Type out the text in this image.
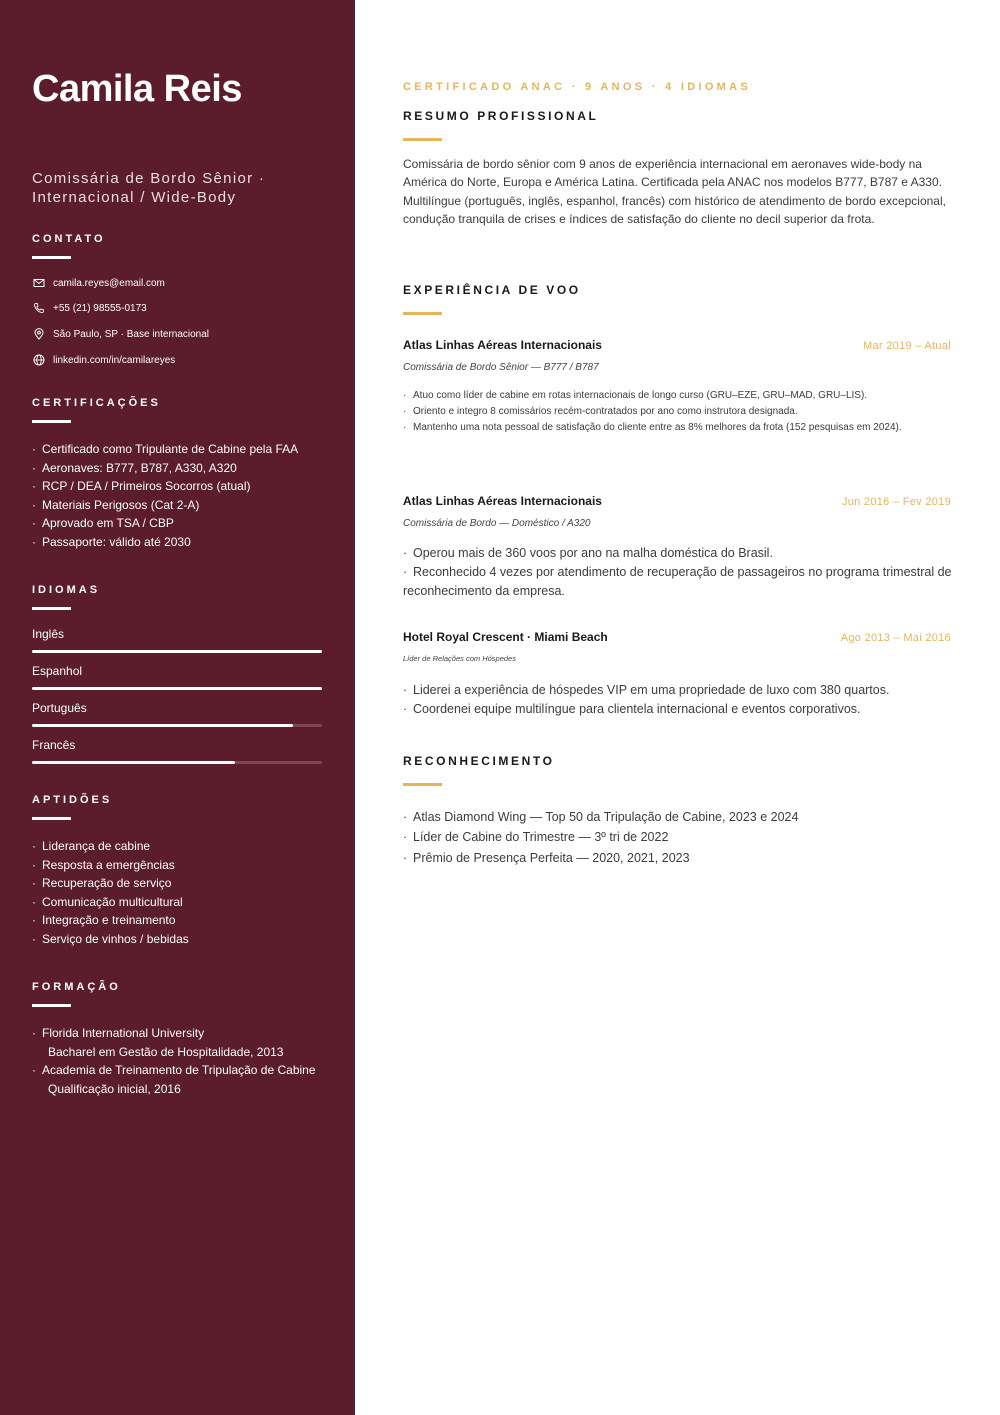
Camila Reis
Comissária de Bordo Sênior · Internacional / Wide-Body
CONTATO
camila.reyes@email.com
+55 (21) 98555-0173
São Paulo, SP · Base internacional
linkedin.com/in/camilareyes
CERTIFICAÇÕES
· Certificado como Tripulante de Cabine pela FAA
· Aeronaves: B777, B787, A330, A320
· RCP / DEA / Primeiros Socorros (atual)
· Materiais Perigosos (Cat 2-A)
· Aprovado em TSA / CBP
· Passaporte: válido até 2030
IDIOMAS
Inglês
Espanhol
Português
Francês
APTIDÕES
· Liderança de cabine
· Resposta a emergências
· Recuperação de serviço
· Comunicação multicultural
· Integração e treinamento
· Serviço de vinhos / bebidas
FORMAÇÃO
· Florida International University
Bacharel em Gestão de Hospitalidade, 2013
· Academia de Treinamento de Tripulação de Cabine
Qualificação inicial, 2016
CERTIFICADO ANAC · 9 ANOS · 4 IDIOMAS
RESUMO PROFISSIONAL

Comissária de bordo sênior com 9 anos de experiência internacional em aeronaves wide-body na América do Norte, Europa e América Latina. Certificada pela ANAC nos modelos B777, B787 e A330. Multilíngue (português, inglês, espanhol, francês) com histórico de atendimento de bordo excepcional, condução tranquila de crises e índices de satisfação do cliente no decil superior da frota.

EXPERIÊNCIA DE VOO
Atlas Linhas Aéreas Internacionais	Mar 2019 – Atual
Comissária de Bordo Sênior — B777 / B787
· Atuo como líder de cabine em rotas internacionais de longo curso (GRU–EZE, GRU–MAD, GRU–LIS).
· Oriento e integro 8 comissários recém-contratados por ano como instrutora designada.
· Mantenho uma nota pessoal de satisfação do cliente entre as 8% melhores da frota (152 pesquisas em 2024).
Atlas Linhas Aéreas Internacionais	Jun 2016 – Fev 2019
Comissária de Bordo — Doméstico / A320
· Operou mais de 360 voos por ano na malha doméstica do Brasil.
· Reconhecido 4 vezes por atendimento de recuperação de passageiros no programa trimestral de reconhecimento da empresa.
Hotel Royal Crescent · Miami Beach	Ago 2013 – Mai 2016
Líder de Relações com Hóspedes
· Liderei a experiência de hóspedes VIP em uma propriedade de luxo com 380 quartos.
· Coordenei equipe multilíngue para clientela internacional e eventos corporativos.
RECONHECIMENTO
· Atlas Diamond Wing — Top 50 da Tripulação de Cabine, 2023 e 2024
· Líder de Cabine do Trimestre — 3º tri de 2022
· Prêmio de Presença Perfeita — 2020, 2021, 2023
